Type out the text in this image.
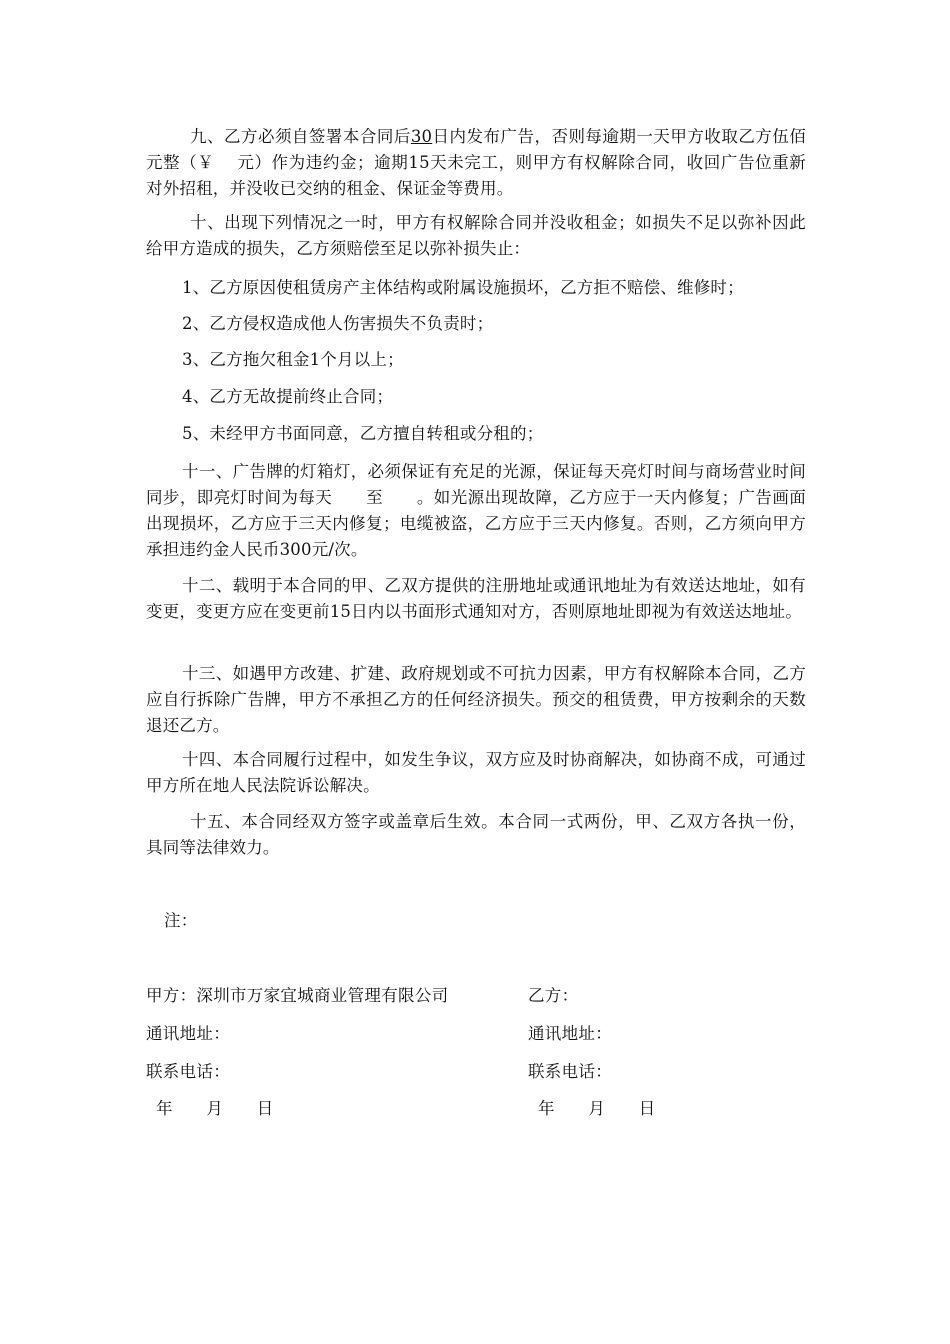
九、乙方必须自签署本合同后30日内发布广告，否则每逾期一天甲方收取乙方伍佰元整（￥　 元）作为违约金；逾期15天未完工，则甲方有权解除合同，收回广告位重新对外招租，并没收已交纳的租金、保证金等费用。
十、出现下列情况之一时，甲方有权解除合同并没收租金；如损失不足以弥补因此给甲方造成的损失，乙方须赔偿至足以弥补损失止：
1、乙方原因使租赁房产主体结构或附属设施损坏，乙方拒不赔偿、维修时；
2、乙方侵权造成他人伤害损失不负责时；
3、乙方拖欠租金1个月以上；
4、乙方无故提前终止合同；
5、未经甲方书面同意，乙方擅自转租或分租的；
十一、广告牌的灯箱灯，必须保证有充足的光源，保证每天亮灯时间与商场营业时间同步，即亮灯时间为每天　　至　　。如光源出现故障，乙方应于一天内修复；广告画面出现损坏，乙方应于三天内修复；电缆被盗，乙方应于三天内修复。否则，乙方须向甲方承担违约金人民币300元/次。
十二、载明于本合同的甲、乙双方提供的注册地址或通讯地址为有效送达地址，如有变更，变更方应在变更前15日内以书面形式通知对方，否则原地址即视为有效送达地址。
十三、如遇甲方改建、扩建、政府规划或不可抗力因素，甲方有权解除本合同，乙方应自行拆除广告牌，甲方不承担乙方的任何经济损失。预交的租赁费，甲方按剩余的天数退还乙方。
十四、本合同履行过程中，如发生争议，双方应及时协商解决，如协商不成，可通过甲方所在地人民法院诉讼解决。
十五、本合同经双方签字或盖章后生效。本合同一式两份，甲、乙双方各执一份，具同等法律效力。
注：
甲方：深圳市万家宜城商业管理有限公司
通讯地址：
联系电话：
年　　月　　日
乙方：
通讯地址：
联系电话：
年　　月　　日
